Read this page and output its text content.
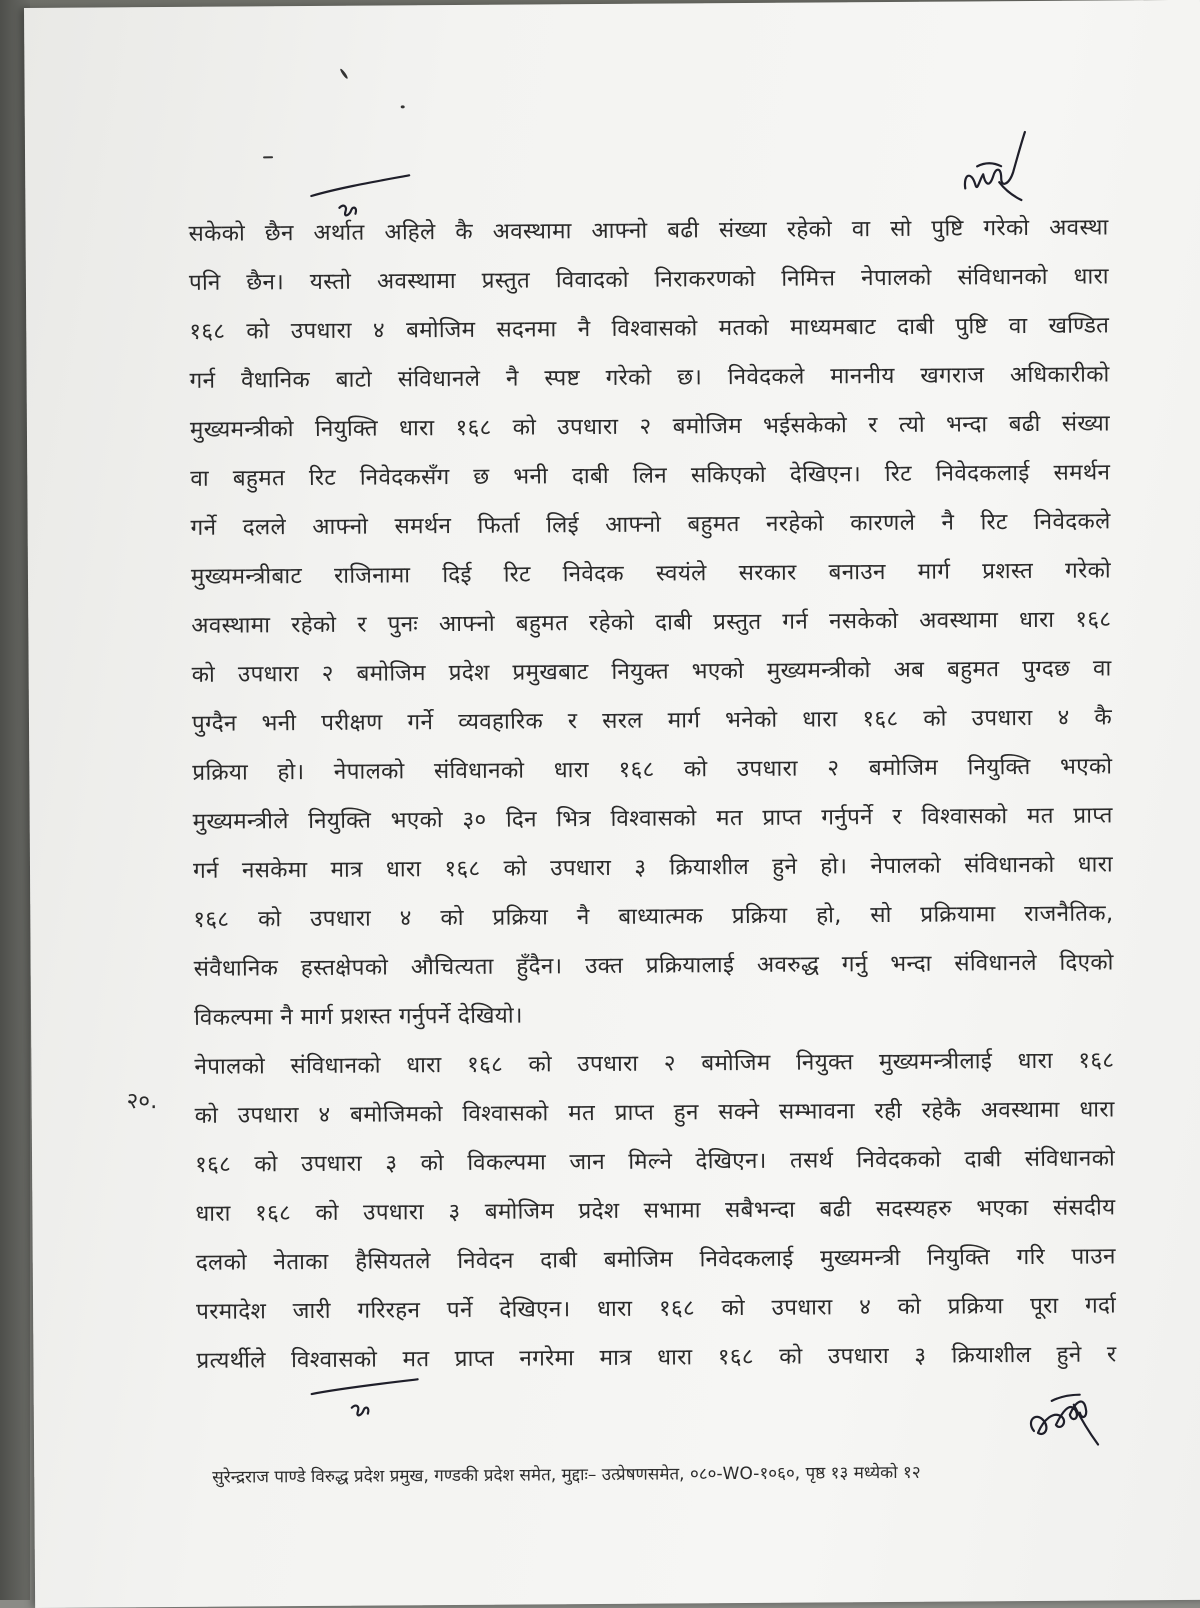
सकेको छैन अर्थात अहिले कै अवस्थामा आफ्नो बढी संख्या रहेको वा सो पुष्टि गरेको अवस्था
पनि छैन। यस्तो अवस्थामा प्रस्तुत विवादको निराकरणको निमित्त नेपालको संविधानको धारा
१६८ को उपधारा ४ बमोजिम सदनमा नै विश्वासको मतको माध्यमबाट दाबी पुष्टि वा खण्डित
गर्न वैधानिक बाटो संविधानले नै स्पष्ट गरेको छ। निवेदकले माननीय खगराज अधिकारीको
मुख्यमन्त्रीको नियुक्ति धारा १६८ को उपधारा २ बमोजिम भईसकेको र त्यो भन्दा बढी संख्या
वा बहुमत रिट निवेदकसँग छ भनी दाबी लिन सकिएको देखिएन। रिट निवेदकलाई समर्थन
गर्ने दलले आफ्नो समर्थन फिर्ता लिई आफ्नो बहुमत नरहेको कारणले नै रिट निवेदकले
मुख्यमन्त्रीबाट राजिनामा दिई रिट निवेदक स्वयंले सरकार बनाउन मार्ग प्रशस्त गरेको
अवस्थामा रहेको र पुनः आफ्नो बहुमत रहेको दाबी प्रस्तुत गर्न नसकेको अवस्थामा धारा १६८
को उपधारा २ बमोजिम प्रदेश प्रमुखबाट नियुक्त भएको मुख्यमन्त्रीको अब बहुमत पुग्दछ वा
पुग्दैन भनी परीक्षण गर्ने व्यवहारिक र सरल मार्ग भनेको धारा १६८ को उपधारा ४ कै
प्रक्रिया हो। नेपालको संविधानको धारा १६८ को उपधारा २ बमोजिम नियुक्ति भएको
मुख्यमन्त्रीले नियुक्ति भएको ३० दिन भित्र विश्वासको मत प्राप्त गर्नुपर्ने र विश्वासको मत प्राप्त
गर्न नसकेमा मात्र धारा १६८ को उपधारा ३ क्रियाशील हुने हो। नेपालको संविधानको धारा
१६८ को उपधारा ४ को प्रक्रिया नै बाध्यात्मक प्रक्रिया हो, सो प्रक्रियामा राजनैतिक,
संवैधानिक हस्तक्षेपको औचित्यता हुँदैन। उक्त प्रक्रियालाई अवरुद्ध गर्नु भन्दा संविधानले दिएको
विकल्पमा नै मार्ग प्रशस्त गर्नुपर्ने देखियो।
नेपालको संविधानको धारा १६८ को उपधारा २ बमोजिम नियुक्त मुख्यमन्त्रीलाई धारा १६८
को उपधारा ४ बमोजिमको विश्वासको मत प्राप्त हुन सक्ने सम्भावना रही रहेकै अवस्थामा धारा
१६८ को उपधारा ३ को विकल्पमा जान मिल्ने देखिएन। तसर्थ निवेदकको दाबी संविधानको
धारा १६८ को उपधारा ३ बमोजिम प्रदेश सभामा सबैभन्दा बढी सदस्यहरु भएका संसदीय
दलको नेताका हैसियतले निवेदन दाबी बमोजिम निवेदकलाई मुख्यमन्त्री नियुक्ति गरि पाउन
परमादेश जारी गरिरहन पर्ने देखिएन। धारा १६८ को उपधारा ४ को प्रक्रिया पूरा गर्दा
प्रत्यर्थीले विश्वासको मत प्राप्त नगरेमा मात्र धारा १६८ को उपधारा ३ क्रियाशील हुने र
२०.
सुरेन्द्रराज पाण्डे विरुद्ध प्रदेश प्रमुख, गण्डकी प्रदेश समेत, मुद्दाः– उत्प्रेषणसमेत, ०८०-WO-१०६०, पृष्ठ १३ मध्येको १२
